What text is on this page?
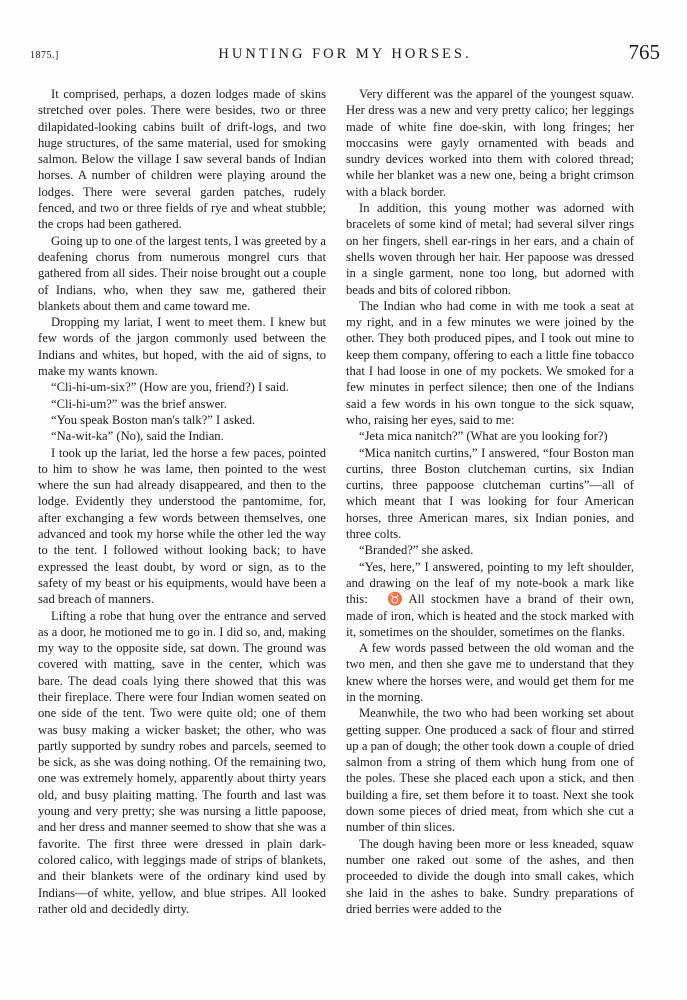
1875.]	HUNTING FOR MY HORSES.	765

It comprised, perhaps, a dozen lodges made of skins stretched over poles. There were besides, two or three dilapidated-looking cabins built of drift-logs, and two huge structures, of the same material, used for smoking salmon. Below the village I saw several bands of Indian horses. A number of children were playing around the lodges. There were several garden patches, rudely fenced, and two or three fields of rye and wheat stubble; the crops had been gathered.

Going up to one of the largest tents, I was greeted by a deafening chorus from numerous mongrel curs that gathered from all sides. Their noise brought out a couple of Indians, who, when they saw me, gathered their blankets about them and came toward me.

Dropping my lariat, I went to meet them. I knew but few words of the jargon commonly used between the Indians and whites, but hoped, with the aid of signs, to make my wants known.

“Cli-hi-um-six?” (How are you, friend?) I said.

“Cli-hi-um?” was the brief answer.

“You speak Boston man's talk?” I asked.

“Na-wit-ka” (No), said the Indian.

I took up the lariat, led the horse a few paces, pointed to him to show he was lame, then pointed to the west where the sun had already disappeared, and then to the lodge. Evidently they understood the pantomime, for, after exchanging a few words between themselves, one advanced and took my horse while the other led the way to the tent. I followed without looking back; to have expressed the least doubt, by word or sign, as to the safety of my beast or his equipments, would have been a sad breach of manners.

Lifting a robe that hung over the entrance and served as a door, he motioned me to go in. I did so, and, making my way to the opposite side, sat down. The ground was covered with matting, save in the center, which was bare. The dead coals lying there showed that this was their fireplace. There were four Indian women seated on one side of the tent. Two were quite old; one of them was busy making a wicker basket; the other, who was partly supported by sundry robes and parcels, seemed to be sick, as she was doing nothing. Of the remaining two, one was extremely homely, apparently about thirty years old, and busy plaiting matting. The fourth and last was young and very pretty; she was nursing a little papoose, and her dress and manner seemed to show that she was a favorite. The first three were dressed in plain dark-colored calico, with leggings made of strips of blankets, and their blankets were of the ordinary kind used by Indians—of white, yellow, and blue stripes. All looked rather old and decidedly dirty.

Very different was the apparel of the youngest squaw. Her dress was a new and very pretty calico; her leggings made of white fine doe-skin, with long fringes; her moccasins were gayly ornamented with beads and sundry devices worked into them with colored thread; while her blanket was a new one, being a bright crimson with a black border.

In addition, this young mother was adorned with bracelets of some kind of metal; had several silver rings on her fingers, shell ear-rings in her ears, and a chain of shells woven through her hair. Her papoose was dressed in a single garment, none too long, but adorned with beads and bits of colored ribbon.

The Indian who had come in with me took a seat at my right, and in a few minutes we were joined by the other. They both produced pipes, and I took out mine to keep them company, offering to each a little fine tobacco that I had loose in one of my pockets. We smoked for a few minutes in perfect silence; then one of the Indians said a few words in his own tongue to the sick squaw, who, raising her eyes, said to me:

“Jeta mica nanitch?” (What are you looking for?)

“Mica nanitch curtins,” I answered, “four Boston man curtins, three Boston clutcheman curtins, six Indian curtins, three pappoose clutcheman curtins”—all of which meant that I was looking for four American horses, three American mares, six Indian ponies, and three colts.

“Branded?” she asked.

“Yes, here,” I answered, pointing to my left shoulder, and drawing on the leaf of my note-book a mark like this: ♉ All stockmen have a brand of their own, made of iron, which is heated and the stock marked with it, sometimes on the shoulder, sometimes on the flanks.

A few words passed between the old woman and the two men, and then she gave me to understand that they knew where the horses were, and would get them for me in the morning.

Meanwhile, the two who had been working set about getting supper. One produced a sack of flour and stirred up a pan of dough; the other took down a couple of dried salmon from a string of them which hung from one of the poles. These she placed each upon a stick, and then building a fire, set them before it to toast. Next she took down some pieces of dried meat, from which she cut a number of thin slices.

The dough having been more or less kneaded, squaw number one raked out some of the ashes, and then proceeded to divide the dough into small cakes, which she laid in the ashes to bake. Sundry preparations of dried berries were added to the
